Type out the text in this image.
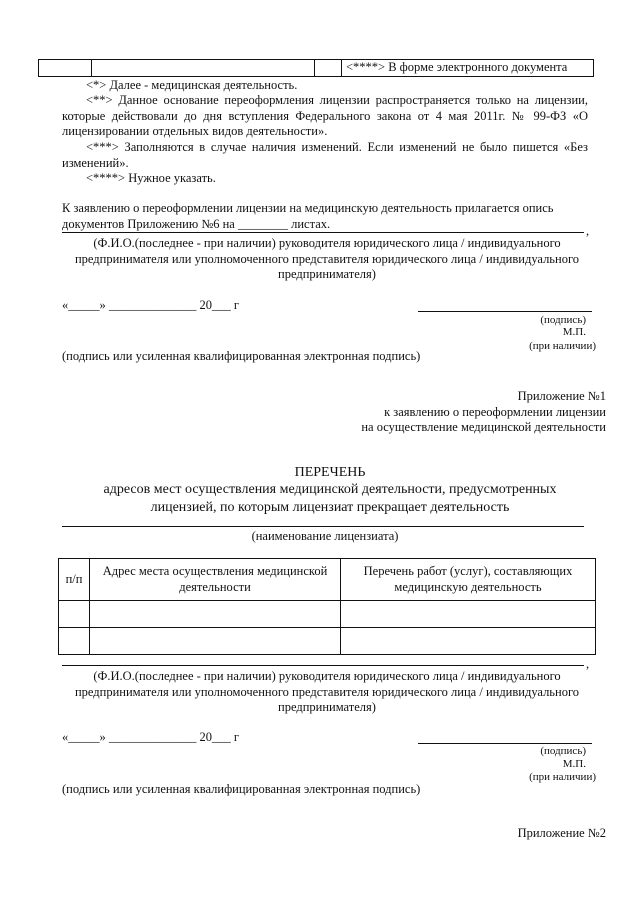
			<****> В форме электронного документа
<*> Далее - медицинская деятельность.
<**> Данное основание переоформления лицензии распространяется только на лицензии, которые действовали до дня вступления Федерального закона от 4 мая 2011г. № 99-ФЗ «О лицензировании отдельных видов деятельности».
<***> Заполняются в случае наличия изменений. Если изменений не было пишется «Без изменений».
<****> Нужное указать.
К заявлению о переоформлении лицензии на медицинскую деятельность прилагается опись документов Приложению №6 на ________ листах.
,
(Ф.И.О.(последнее - при наличии) руководителя юридического лица / индивидуального предпринимателя или уполномоченного представителя юридического лица / индивидуального предпринимателя)
«_____» ______________ 20___ г
(подпись)
М.П.
(при наличии)
(подпись или усиленная квалифицированная электронная подпись)
Приложение №1
к заявлению о переоформлении лицензии
на осуществление медицинской деятельности
ПЕРЕЧЕНЬ
адресов мест осуществления медицинской деятельности, предусмотренных лицензией, по которым лицензиат прекращает деятельность
(наименование лицензиата)
п/п	Адрес места осуществления медицинской деятельности	Перечень работ (услуг), составляющих медицинскую деятельность

,
(Ф.И.О.(последнее - при наличии) руководителя юридического лица / индивидуального предпринимателя или уполномоченного представителя юридического лица / индивидуального предпринимателя)
«_____» ______________ 20___ г
(подпись)
М.П.
(при наличии)
(подпись или усиленная квалифицированная электронная подпись)
Приложение №2
